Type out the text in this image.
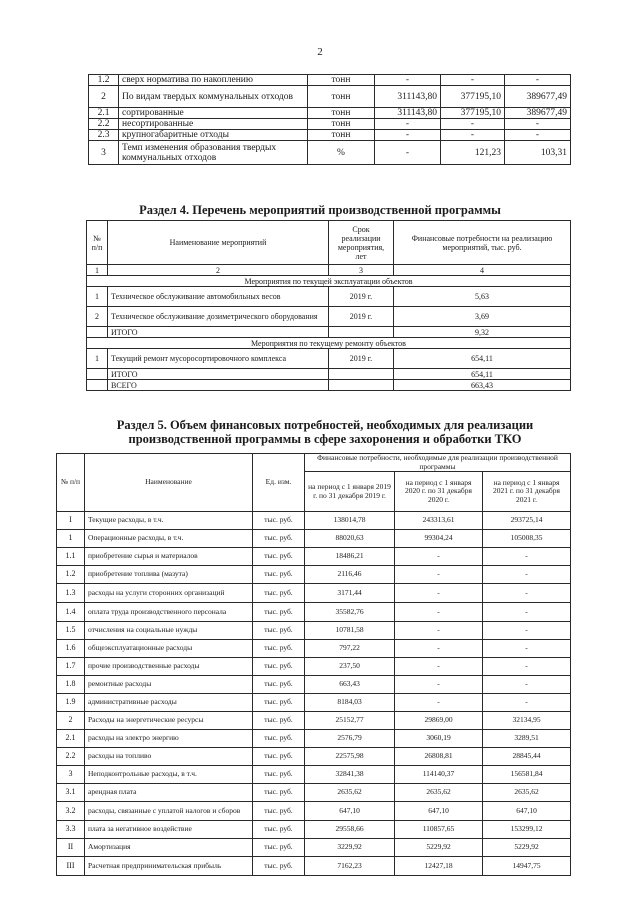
2
1.2	сверх норматива по накоплению	тонн	-	-	-
2	По видам твердых коммунальных отходов	тонн	311143,80	377195,10	389677,49
2.1	сортированные	тонн	311143,80	377195,10	389677,49
2.2	несортированные	тонн	-	-	-
2.3	крупногабаритные отходы	тонн	-	-	-
3	Темп изменения образования твердых коммунальных отходов	%	-	121,23	103,31
Раздел 4. Перечень мероприятий производственной программы
№ п/п	Наименование мероприятий	Срок реализации мероприятия, лет	Финансовые потребности на реализацию мероприятий, тыс. руб.
1	2	3	4
Мероприятия по текущей эксплуатации объектов			
1	Техническое обслуживание автомобильных весов	2019 г.	5,63
2	Техническое обслуживание дозиметрического оборудования	2019 г.	3,69
	ИТОГО		9,32
Мероприятия по текущему ремонту объектов			
1	Текущий ремонт мусоросортировочного комплекса	2019 г.	654,11
	ИТОГО		654,11
	ВСЕГО		663,43
Раздел 5. Объем финансовых потребностей, необходимых для реализации
производственной программы в сфере захоронения и обработки ТКО
№ п/п	Наименование	Ед. изм.	Финансовые потребности, необходимые для реализации производственной программы		
			на период с 1 января 2019 г. по 31 декабря 2019 г.	на период с 1 января 2020 г. по 31 декабря 2020 г.	на период с 1 января 2021 г. по 31 декабря 2021 г.
I	Текущие расходы, в т.ч.	тыс. руб.	138014,78	243313,61	293725,14
1	Операционные расходы, в т.ч.	тыс. руб.	88020,63	99304,24	105008,35
1.1	приобретение сырья и материалов	тыс. руб.	18486,21	-	-
1.2	приобретение топлива (мазута)	тыс. руб.	2116,46	-	-
1.3	расходы на услуги сторонних организаций	тыс. руб.	3171,44	-	-
1.4	оплата труда производственного персонала	тыс. руб.	35582,76	-	-
1.5	отчисления на социальные нужды	тыс. руб.	10781,58	-	-
1.6	общеэксплуатационные расходы	тыс. руб.	797,22	-	-
1.7	прочие производственные расходы	тыс. руб.	237,50	-	-
1.8	ремонтные расходы	тыс. руб.	663,43	-	-
1.9	административные расходы	тыс. руб.	8184,03	-	-
2	Расходы на энергетические ресурсы	тыс. руб.	25152,77	29869,00	32134,95
2.1	расходы на электро энергию	тыс. руб.	2576,79	3060,19	3289,51
2.2	расходы на топливо	тыс. руб.	22575,98	26808,81	28845,44
3	Неподконтрольные расходы, в т.ч.	тыс. руб.	32841,38	114140,37	156581,84
3.1	арендная плата	тыс. руб.	2635,62	2635,62	2635,62
3.2	расходы, связанные с уплатой налогов и сборов	тыс. руб.	647,10	647,10	647,10
3.3	плата за негативное воздействие	тыс. руб.	29558,66	110857,65	153299,12
II	Амортизация	тыс. руб.	3229,92	5229,92	5229,92
III	Расчетная предпринимательская прибыль	тыс. руб.	7162,23	12427,18	14947,75
